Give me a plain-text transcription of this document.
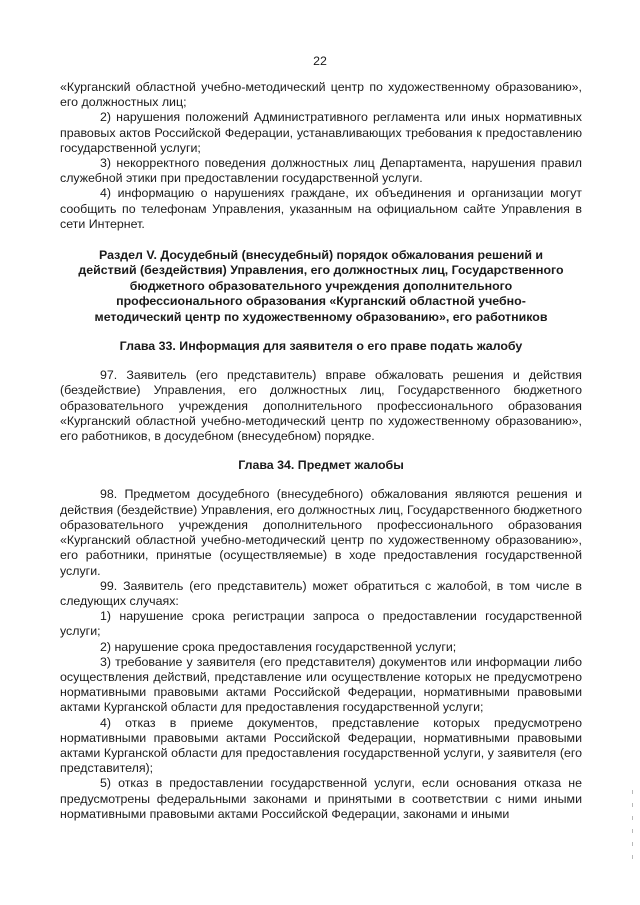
22

«Курганский областной учебно-методический центр по художественному образованию», его должностных лиц;

2) нарушения положений Административного регламента или иных нормативных правовых актов Российской Федерации, устанавливающих требования к предоставлению государственной услуги;

3) некорректного поведения должностных лиц Департамента, нарушения правил служебной этики при предоставлении государственной услуги.

4) информацию о нарушениях граждане, их объединения и организации могут сообщить по телефонам Управления, указанным на официальном сайте Управления в сети Интернет.

Раздел V. Досудебный (внесудебный) порядок обжалования решений и
действий (бездействия) Управления, его должностных лиц, Государственного
бюджетного образовательного учреждения дополнительного
профессионального образования «Курганский областной учебно-
методический центр по художественному образованию», его работников
Глава 33. Информация для заявителя о его праве подать жалобу

97. Заявитель (его представитель) вправе обжаловать решения и действия (бездействие) Управления, его должностных лиц, Государственного бюджетного образовательного учреждения дополнительного профессионального образования «Курганский областной учебно-методический центр по художественному образованию», его работников, в досудебном (внесудебном) порядке.

Глава 34. Предмет жалобы

98. Предметом досудебного (внесудебного) обжалования являются решения и действия (бездействие) Управления, его должностных лиц, Государственного бюджетного образовательного учреждения дополнительного профессионального образования «Курганский областной учебно-методический центр по художественному образованию», его работники, принятые (осуществляемые) в ходе предоставления государственной услуги.

99. Заявитель (его представитель) может обратиться с жалобой, в том числе в следующих случаях:

1) нарушение срока регистрации запроса о предоставлении государственной услуги;

2) нарушение срока предоставления государственной услуги;

3) требование у заявителя (его представителя) документов или информации либо осуществления действий, представление или осуществление которых не предусмотрено нормативными правовыми актами Российской Федерации, нормативными правовыми актами Курганской области для предоставления государственной услуги;

4) отказ в приеме документов, представление которых предусмотрено нормативными правовыми актами Российской Федерации, нормативными правовыми актами Курганской области для предоставления государственной услуги, у заявителя (его представителя);

5) отказ в предоставлении государственной услуги, если основания отказа не предусмотрены федеральными законами и принятыми в соответствии с ними иными нормативными правовыми актами Российской Федерации, законами и иными
